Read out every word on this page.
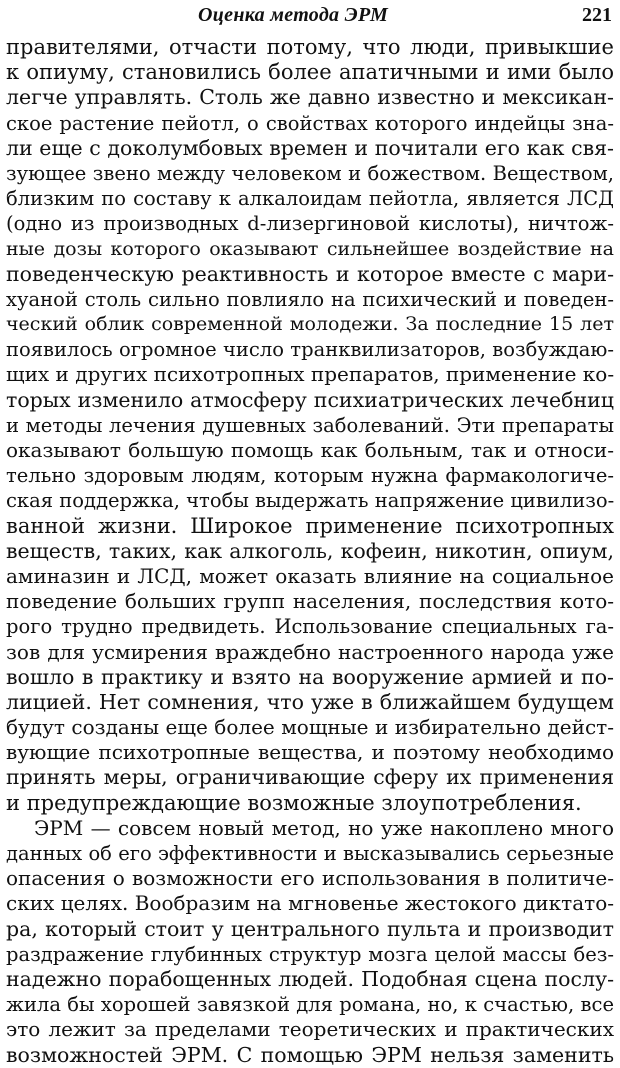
Оценка метода ЭРМ	221
правителями, отчасти потому, что люди, привыкшие
к опиуму, становились более апатичными и ими было
легче управлять. Столь же давно известно и мексикан-
ское растение пейотл, о свойствах которого индейцы зна-
ли еще с доколумбовых времен и почитали его как свя-
зующее звено между человеком и божеством. Веществом,
близким по составу к алкалоидам пейотла, является ЛСД
(одно из производных d-лизергиновой кислоты), ничтож-
ные дозы которого оказывают сильнейшее воздействие на
поведенческую реактивность и которое вместе с мари-
хуаной столь сильно повлияло на психический и поведен-
ческий облик современной молодежи. За последние 15 лет
появилось огромное число транквилизаторов, возбуждаю-
щих и других психотропных препаратов, применение ко-
торых изменило атмосферу психиатрических лечебниц
и методы лечения душевных заболеваний. Эти препараты
оказывают большую помощь как больным, так и относи-
тельно здоровым людям, которым нужна фармакологиче-
ская поддержка, чтобы выдержать напряжение цивилизо-
ванной жизни. Широкое применение психотропных
веществ, таких, как алкоголь, кофеин, никотин, опиум,
аминазин и ЛСД, может оказать влияние на социальное
поведение больших групп населения, последствия кото-
рого трудно предвидеть. Использование специальных га-
зов для усмирения враждебно настроенного народа уже
вошло в практику и взято на вооружение армией и по-
лицией. Нет сомнения, что уже в ближайшем будущем
будут созданы еще более мощные и избирательно дейст-
вующие психотропные вещества, и поэтому необходимо
принять меры, ограничивающие сферу их применения
и предупреждающие возможные злоупотребления.
ЭРМ — совсем новый метод, но уже накоплено много
данных об его эффективности и высказывались серьезные
опасения о возможности его использования в политиче-
ских целях. Вообразим на мгновенье жестокого диктато-
ра, который стоит у центрального пульта и производит
раздражение глубинных структур мозга целой массы без-
надежно порабощенных людей. Подобная сцена послу-
жила бы хорошей завязкой для романа, но, к счастью, все
это лежит за пределами теоретических и практических
возможностей ЭРМ. С помощью ЭРМ нельзя заменить
